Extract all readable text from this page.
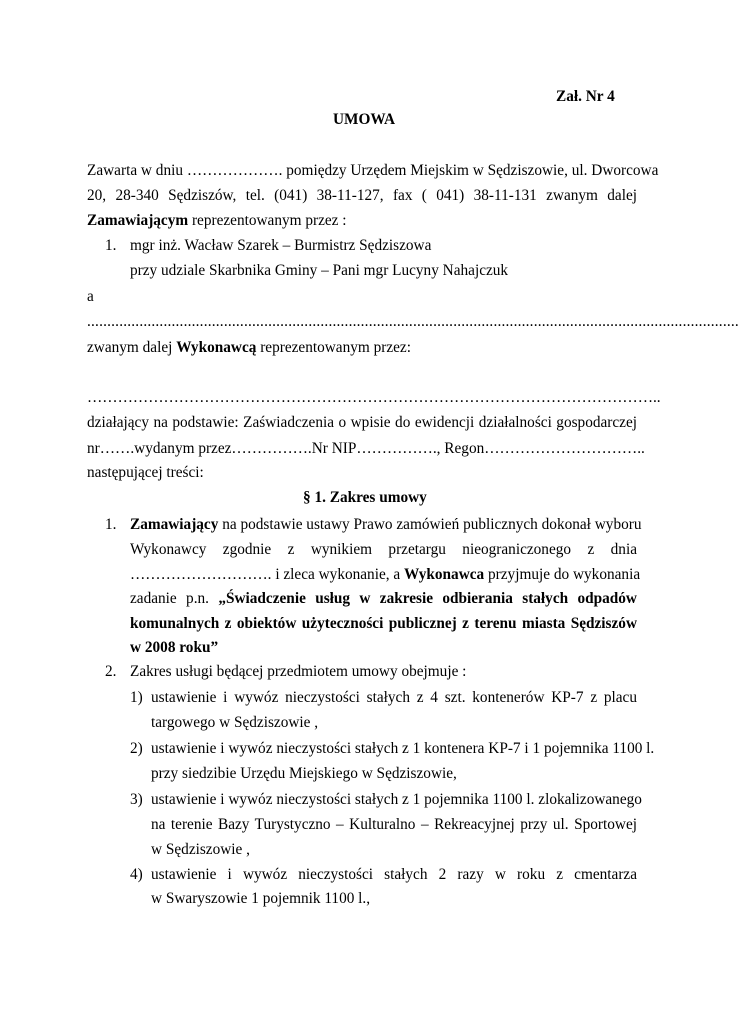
Zał. Nr 4
UMOWA
Zawarta w dniu ………………. pomiędzy Urzędem Miejskim w Sędziszowie, ul. Dworcowa
20, 28-340 Sędziszów, tel. (041) 38-11-127, fax ( 041) 38-11-131 zwanym dalej
Zamawiającym reprezentowanym przez :
1. mgr inż. Wacław Szarek – Burmistrz Sędziszowa
przy udziale Skarbnika Gminy – Pani mgr Lucyny Nahajczuk
a
..................................................................................................................................................................
zwanym dalej Wykonawcą reprezentowanym przez:
…………………………………………………………………………………………………..
działający na podstawie: Zaświadczenia o wpisie do ewidencji działalności gospodarczej
nr…….wydanym przez…………….Nr NIP……………., Regon…………………………..
następującej treści:
§ 1. Zakres umowy
1. Zamawiający na podstawie ustawy Prawo zamówień publicznych dokonał wyboru
Wykonawcy zgodnie z wynikiem przetargu nieograniczonego z dnia
………………………. i zleca wykonanie, a Wykonawca przyjmuje do wykonania
zadanie p.n. „Świadczenie usług w zakresie odbierania stałych odpadów
komunalnych z obiektów użyteczności publicznej z terenu miasta Sędziszów
w 2008 roku”
2. Zakres usługi będącej przedmiotem umowy obejmuje :
1) ustawienie i wywóz nieczystości stałych z 4 szt. kontenerów KP-7 z placu
targowego w Sędziszowie ,
2) ustawienie i wywóz nieczystości stałych z 1 kontenera KP-7 i 1 pojemnika 1100 l.
przy siedzibie Urzędu Miejskiego w Sędziszowie,
3) ustawienie i wywóz nieczystości stałych z 1 pojemnika 1100 l. zlokalizowanego
na terenie Bazy Turystyczno – Kulturalno – Rekreacyjnej przy ul. Sportowej
w Sędziszowie ,
4) ustawienie i wywóz nieczystości stałych 2 razy w roku z cmentarza
w Swaryszowie 1 pojemnik 1100 l.,
